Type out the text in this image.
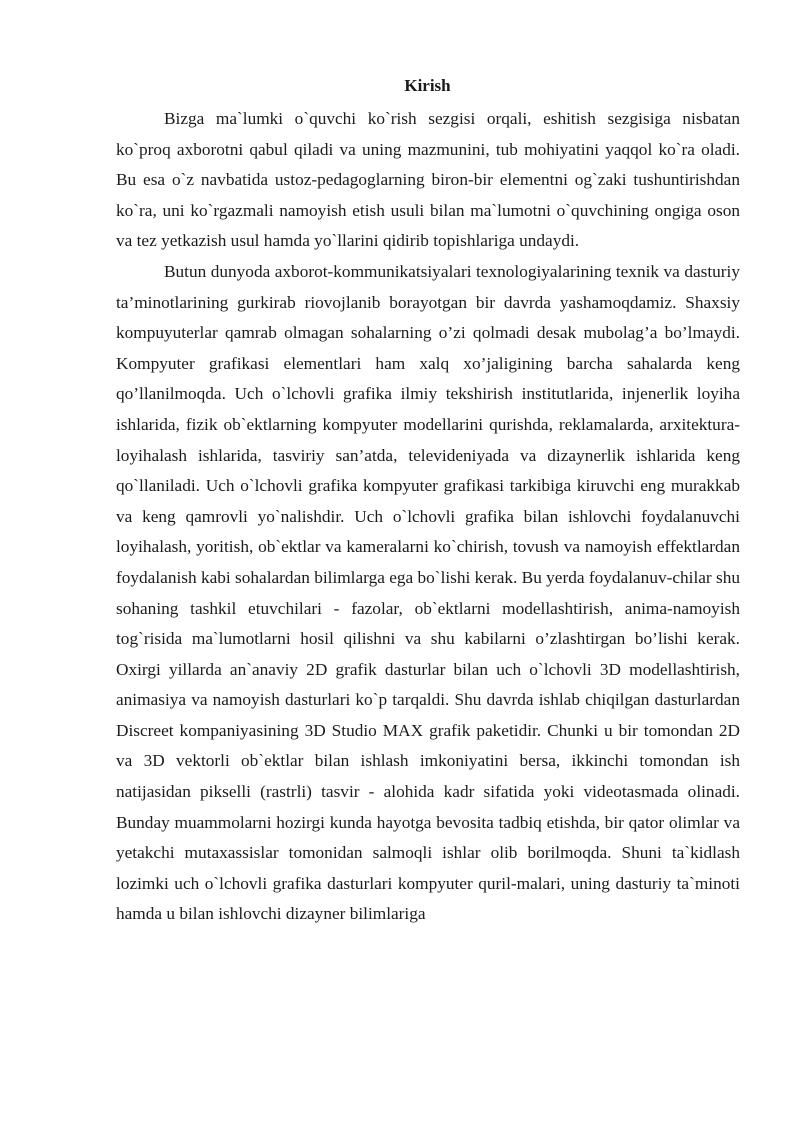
Kirish

Bizga ma`lumki o`quvchi ko`rish sezgisi orqali, eshitish sezgisiga nisbatan ko`proq axborotni qabul qiladi va uning mazmunini, tub mohiyatini yaqqol ko`ra oladi. Bu esa o`z navbatida ustoz-pedagoglarning biron-bir elementni og`zaki tushuntirishdan ko`ra, uni ko`rgazmali namoyish etish usuli bilan ma`lumotni o`quvchining ongiga oson va tez yetkazish usul hamda yo`llarini qidirib topishlariga undaydi.

Butun dunyoda axborot-kommunikatsiyalari texnologiyalarining texnik va dasturiy ta’minotlarining gurkirab riovojlanib borayotgan bir davrda yashamoqdamiz. Shaxsiy kompuyuterlar qamrab olmagan sohalarning o’zi qolmadi desak mubolag’a bo’lmaydi. Kompyuter grafikasi elementlari ham xalq xo’jaligining barcha sahalarda keng qo’llanilmoqda. Uch o`lchovli grafika ilmiy tekshirish institutlarida, injenerlik loyiha ishlarida, fizik ob`ektlarning kompyuter modellarini qurishda, reklamalarda, arxitektura-loyihalash ishlarida, tasviriy san’atda, televideniyada va dizaynerlik ishlarida keng qo`llaniladi. Uch o`lchovli grafika kompyuter grafikasi tarkibiga kiruvchi eng murakkab va keng qamrovli yo`nalishdir. Uch o`lchovli grafika bilan ishlovchi foydalanuvchi loyihalash, yoritish, ob`ektlar va kameralarni ko`chirish, tovush va namoyish effektlardan foydalanish kabi sohalardan bilimlarga ega bo`lishi kerak. Bu yerda foydalanuv-chilar shu sohaning tashkil etuvchilari - fazolar, ob`ektlarni modellashtirish, anima-namoyish tog`risida ma`lumotlarni hosil qilishni va shu kabilarni o’zlashtirgan bo’lishi kerak. Oxirgi yillarda an`anaviy 2D grafik dasturlar bilan uch o`lchovli 3D modellashtirish, animasiya va namoyish dasturlari ko`p tarqaldi. Shu davrda ishlab chiqilgan dasturlardan Discreet kompaniyasining 3D Studio MAX grafik paketidir. Chunki u bir tomondan 2D va 3D vektorli ob`ektlar bilan ishlash imkoniyatini bersa, ikkinchi tomondan ish natijasidan pikselli (rastrli) tasvir - alohida kadr sifatida yoki videotasmada olinadi. Bunday muammolarni hozirgi kunda hayotga bevosita tadbiq etishda, bir qator olimlar va yetakchi mutaxassislar tomonidan salmoqli ishlar olib borilmoqda. Shuni ta`kidlash lozimki uch o`lchovli grafika dasturlari kompyuter quril-malari, uning dasturiy ta`minoti hamda u bilan ishlovchi dizayner bilimlariga
